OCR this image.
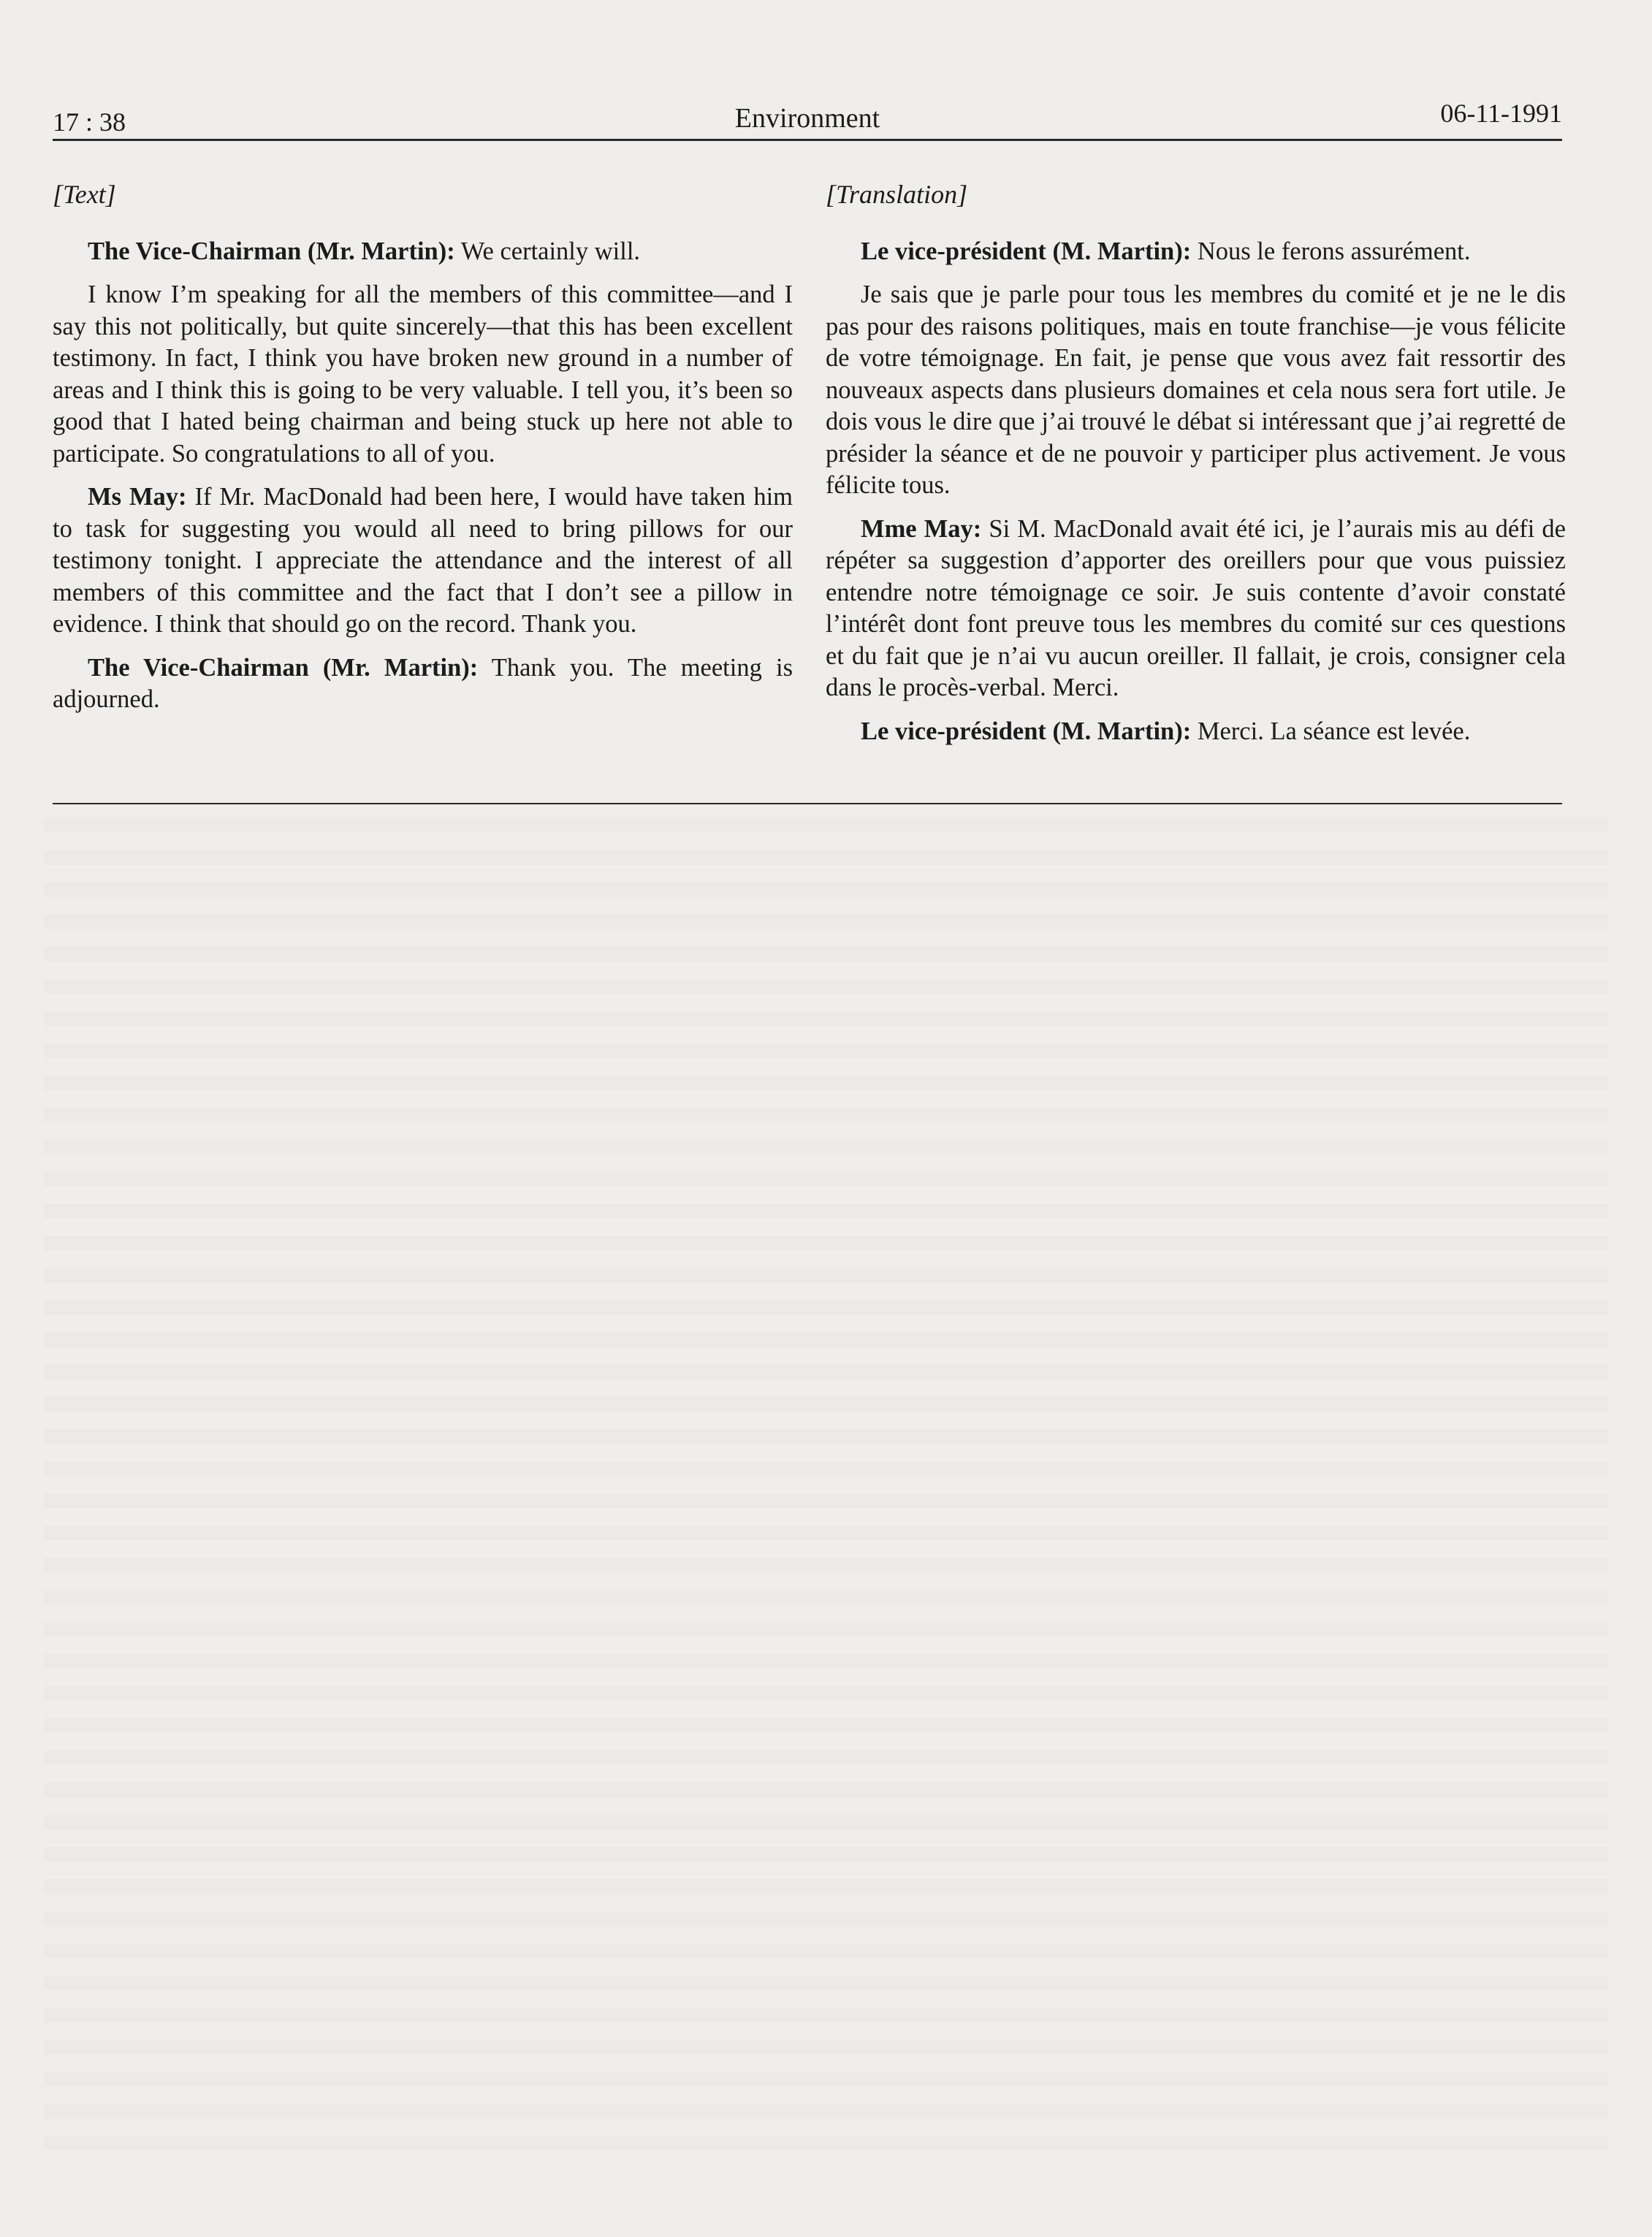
17 : 38	Environment	06-11-1991
[Text]

The Vice-Chairman (Mr. Martin): We certainly will.

I know I’m speaking for all the members of this committee—and I say this not politically, but quite sincerely—that this has been excellent testimony. In fact, I think you have broken new ground in a number of areas and I think this is going to be very valuable. I tell you, it’s been so good that I hated being chairman and being stuck up here not able to participate. So congratulations to all of you.

Ms May: If Mr. MacDonald had been here, I would have taken him to task for suggesting you would all need to bring pillows for our testimony tonight. I appreciate the attendance and the interest of all members of this committee and the fact that I don’t see a pillow in evidence. I think that should go on the record. Thank you.

The Vice-Chairman (Mr. Martin): Thank you. The meeting is adjourned.

[Translation]

Le vice-président (M. Martin): Nous le ferons assurément.

Je sais que je parle pour tous les membres du comité et je ne le dis pas pour des raisons politiques, mais en toute franchise—je vous félicite de votre témoignage. En fait, je pense que vous avez fait ressortir des nouveaux aspects dans plusieurs domaines et cela nous sera fort utile. Je dois vous le dire que j’ai trouvé le débat si intéressant que j’ai regretté de présider la séance et de ne pouvoir y participer plus activement. Je vous félicite tous.

Mme May: Si M. MacDonald avait été ici, je l’aurais mis au défi de répéter sa suggestion d’apporter des oreillers pour que vous puissiez entendre notre témoignage ce soir. Je suis contente d’avoir constaté l’intérêt dont font preuve tous les membres du comité sur ces questions et du fait que je n’ai vu aucun oreiller. Il fallait, je crois, consigner cela dans le procès-verbal. Merci.

Le vice-président (M. Martin): Merci. La séance est levée.
